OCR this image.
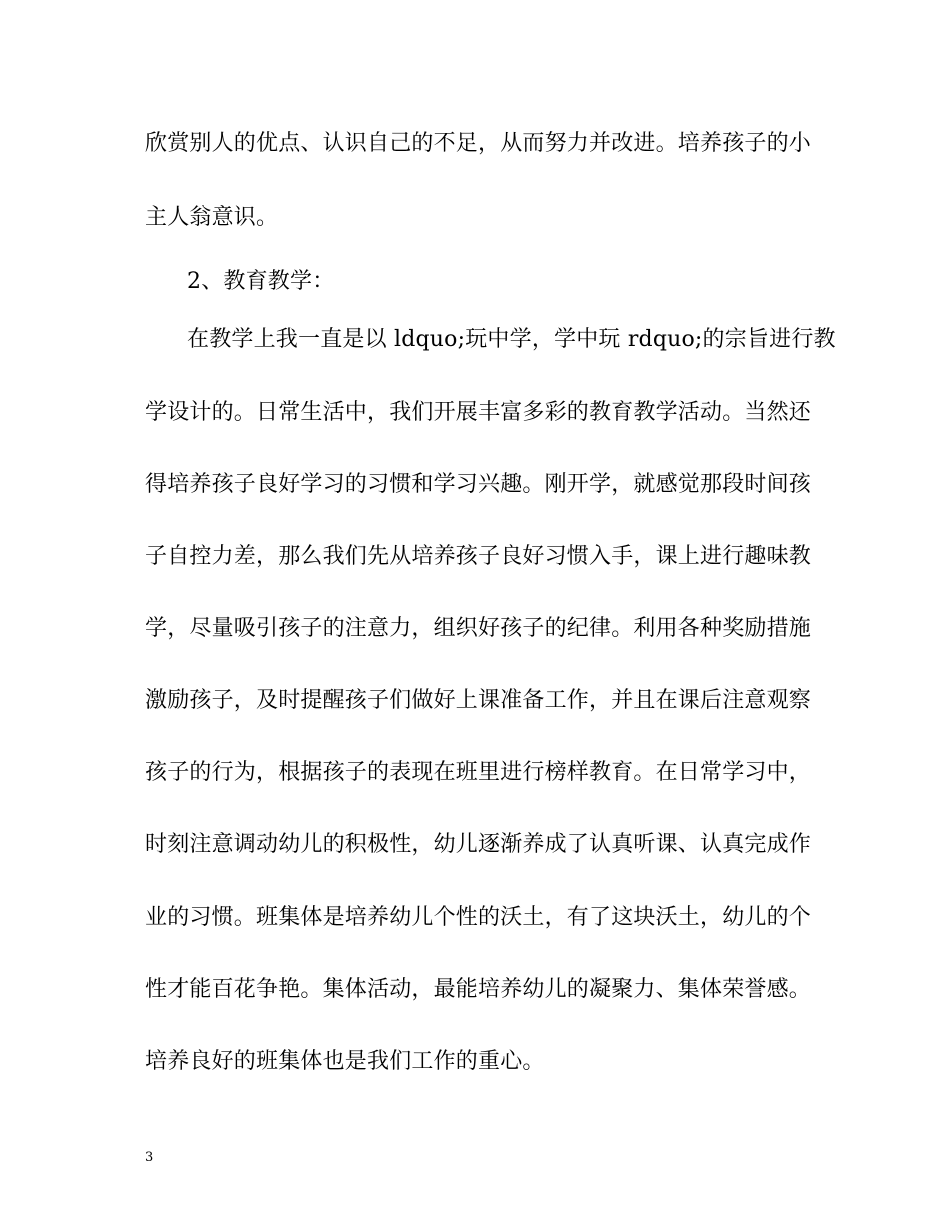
欣赏别人的优点、认识自己的不足，从而努力并改进。培养孩子的小
主人翁意识。
2、教育教学：
在教学上我一直是以 ldquo;玩中学，学中玩 rdquo;的宗旨进行教
学设计的。日常生活中，我们开展丰富多彩的教育教学活动。当然还
得培养孩子良好学习的习惯和学习兴趣。刚开学，就感觉那段时间孩
子自控力差，那么我们先从培养孩子良好习惯入手，课上进行趣味教
学，尽量吸引孩子的注意力，组织好孩子的纪律。利用各种奖励措施
激励孩子，及时提醒孩子们做好上课准备工作，并且在课后注意观察
孩子的行为，根据孩子的表现在班里进行榜样教育。在日常学习中，
时刻注意调动幼儿的积极性，幼儿逐渐养成了认真听课、认真完成作
业的习惯。班集体是培养幼儿个性的沃土，有了这块沃土，幼儿的个
性才能百花争艳。集体活动，最能培养幼儿的凝聚力、集体荣誉感。
培养良好的班集体也是我们工作的重心。
3
